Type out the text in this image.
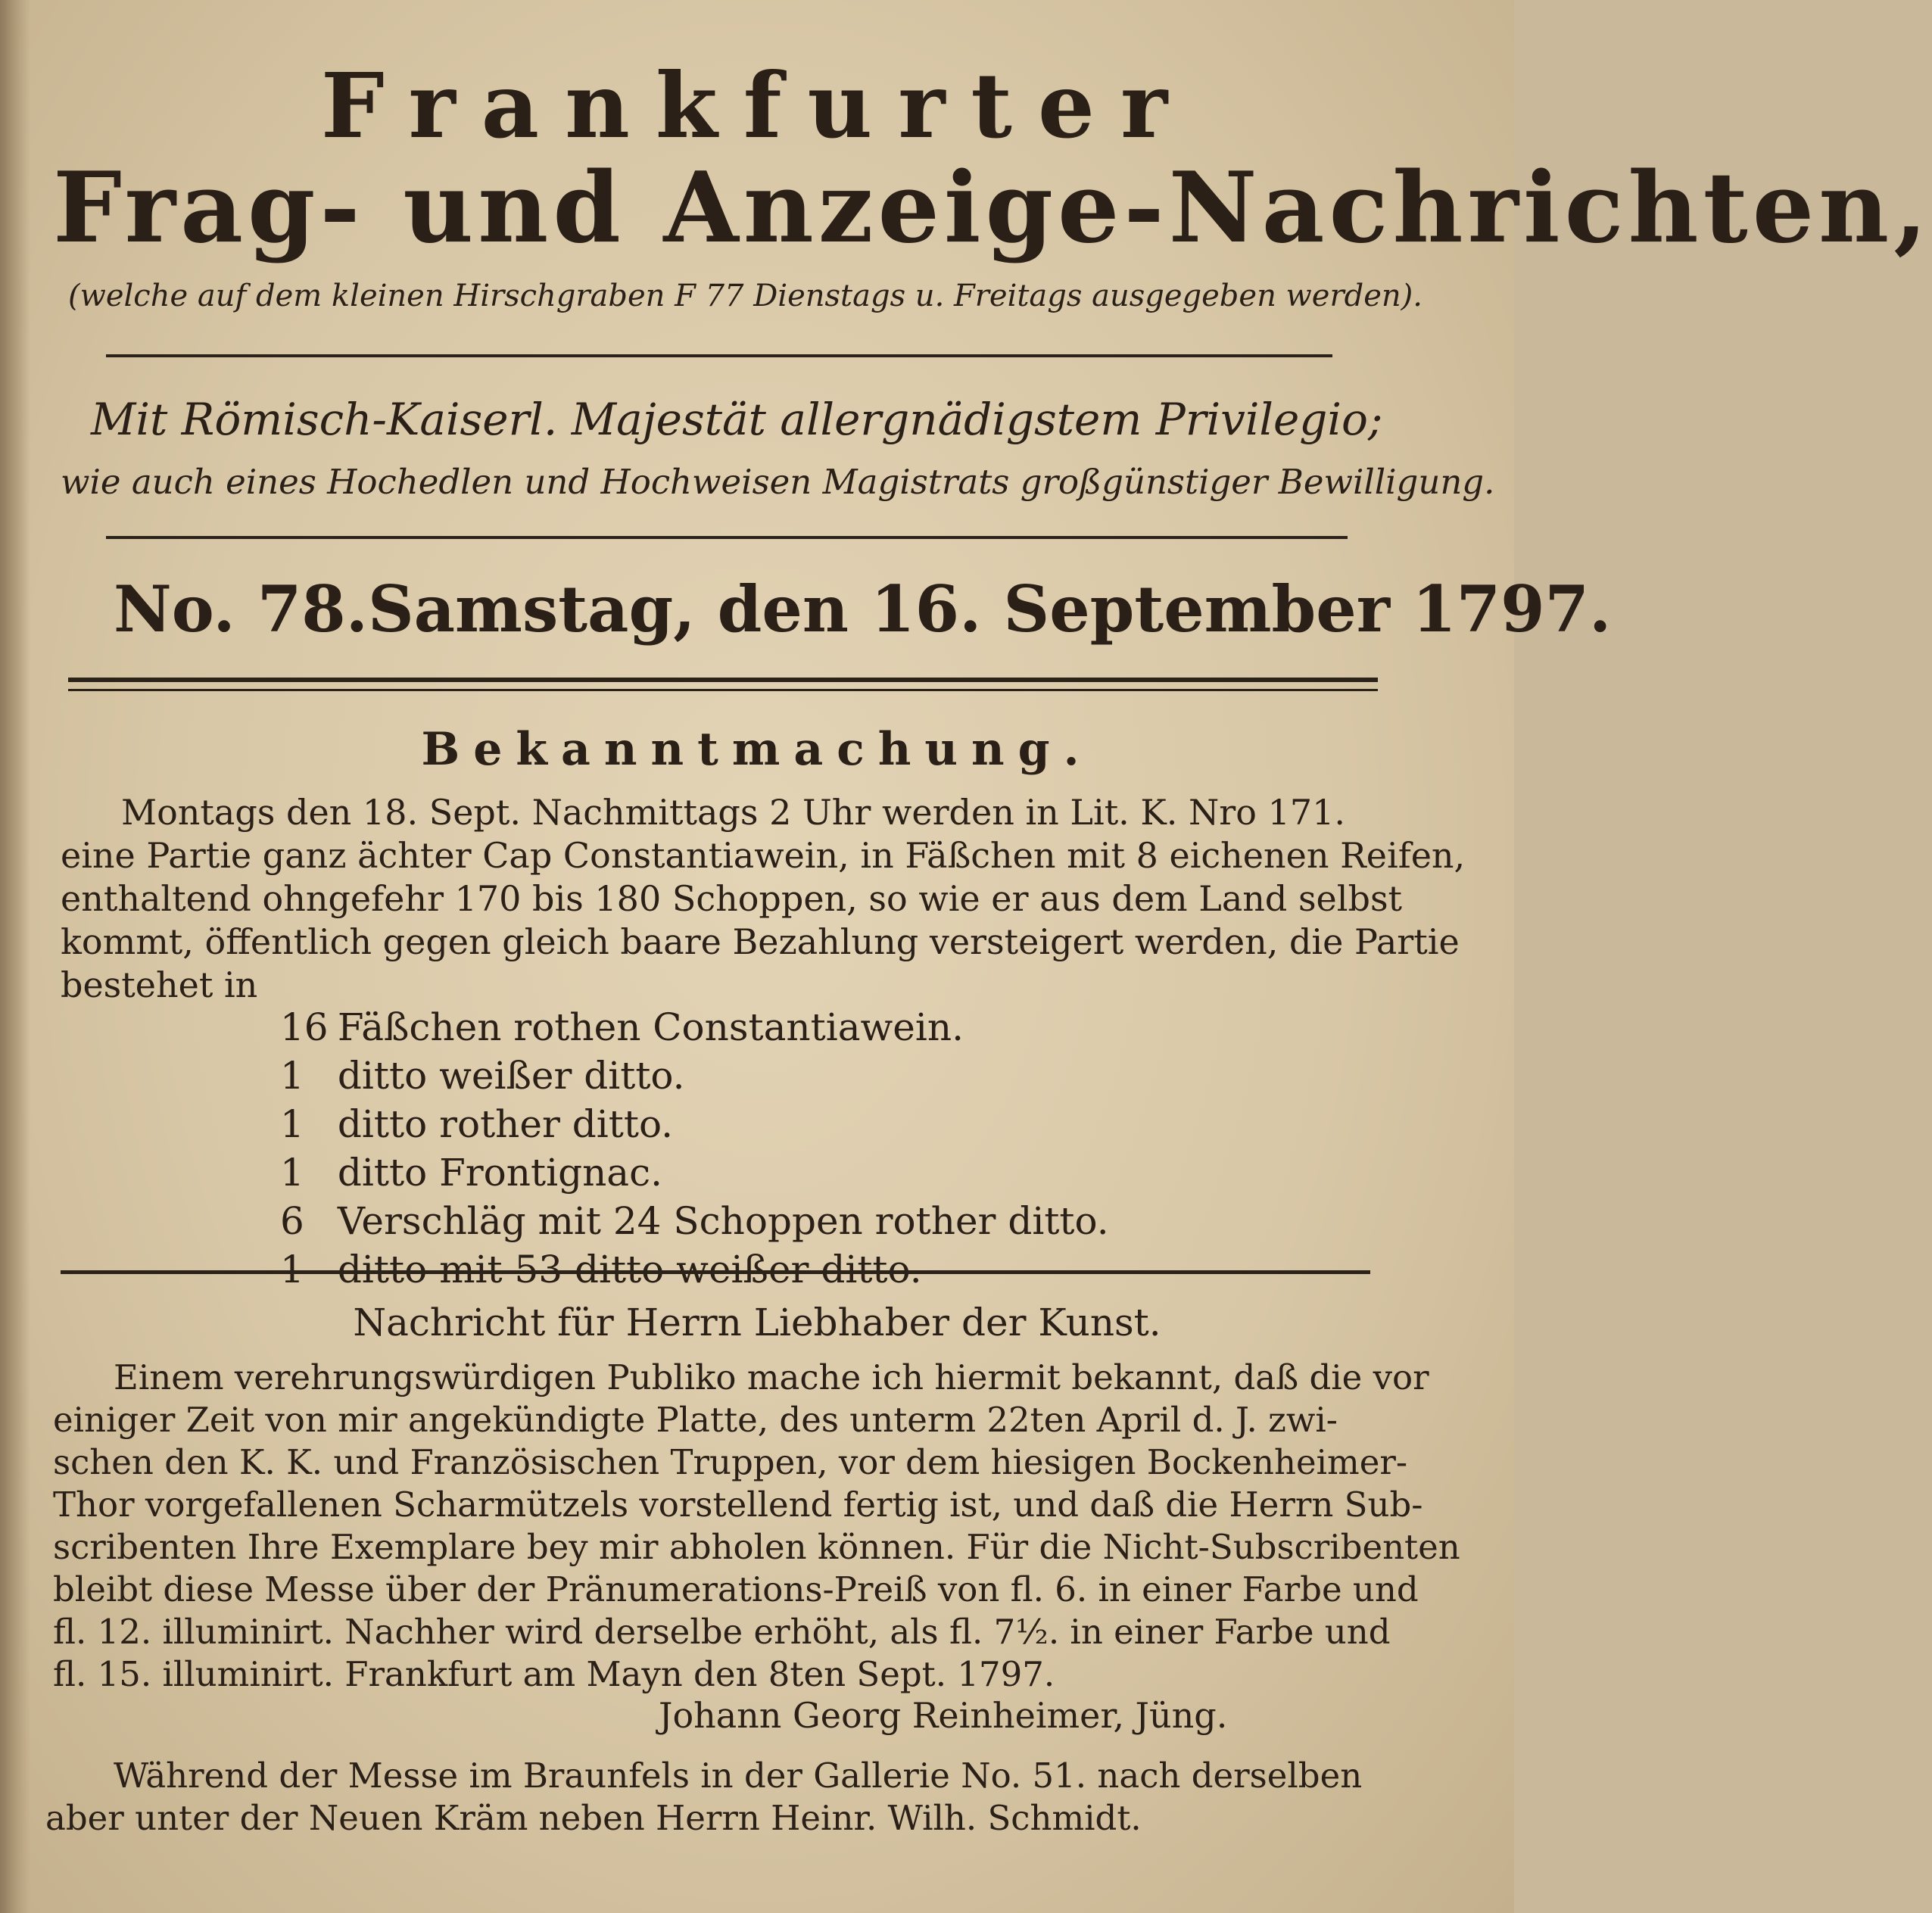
Frankfurter
Frag- und Anzeige-Nachrichten,
(welche auf dem kleinen Hirschgraben F 77 Dienstags u. Freitags ausgegeben werden).
Mit Römisch-Kaiserl. Majestät allergnädigstem Privilegio;
wie auch eines Hochedlen und Hochweisen Magistrats großgünstiger Bewilligung.
No. 78. Samstag, den 16. September 1797.
Bekanntmachung.
Montags den 18. Sept. Nachmittags 2 Uhr werden in Lit. K. Nro 171.
eine Partie ganz ächter Cap Constantiawein, in Fäßchen mit 8 eichenen Reifen,
enthaltend ohngefehr 170 bis 180 Schoppen, so wie er aus dem Land selbst
kommt, öffentlich gegen gleich baare Bezahlung versteigert werden, die Partie
bestehet in
16 Fäßchen rothen Constantiawein.
1 ditto weißer ditto.
1 ditto rother ditto.
1 ditto Frontignac.
6 Verschläg mit 24 Schoppen rother ditto.
1 ditto mit 53 ditto weißer ditto.
Nachricht für Herrn Liebhaber der Kunst.
Einem verehrungswürdigen Publiko mache ich hiermit bekannt, daß die vor
einiger Zeit von mir angekündigte Platte, des unterm 22ten April d. J. zwi-
schen den K. K. und Französischen Truppen, vor dem hiesigen Bockenheimer-
Thor vorgefallenen Scharmützels vorstellend fertig ist, und daß die Herrn Sub-
scribenten Ihre Exemplare bey mir abholen können. Für die Nicht-Subscribenten
bleibt diese Messe über der Pränumerations-Preiß von fl. 6. in einer Farbe und
fl. 12. illuminirt. Nachher wird derselbe erhöht, als fl. 7½. in einer Farbe und
fl. 15. illuminirt. Frankfurt am Mayn den 8ten Sept. 1797.
Johann Georg Reinheimer, Jüng.
Während der Messe im Braunfels in der Gallerie No. 51. nach derselben
aber unter der Neuen Kräm neben Herrn Heinr. Wilh. Schmidt.
